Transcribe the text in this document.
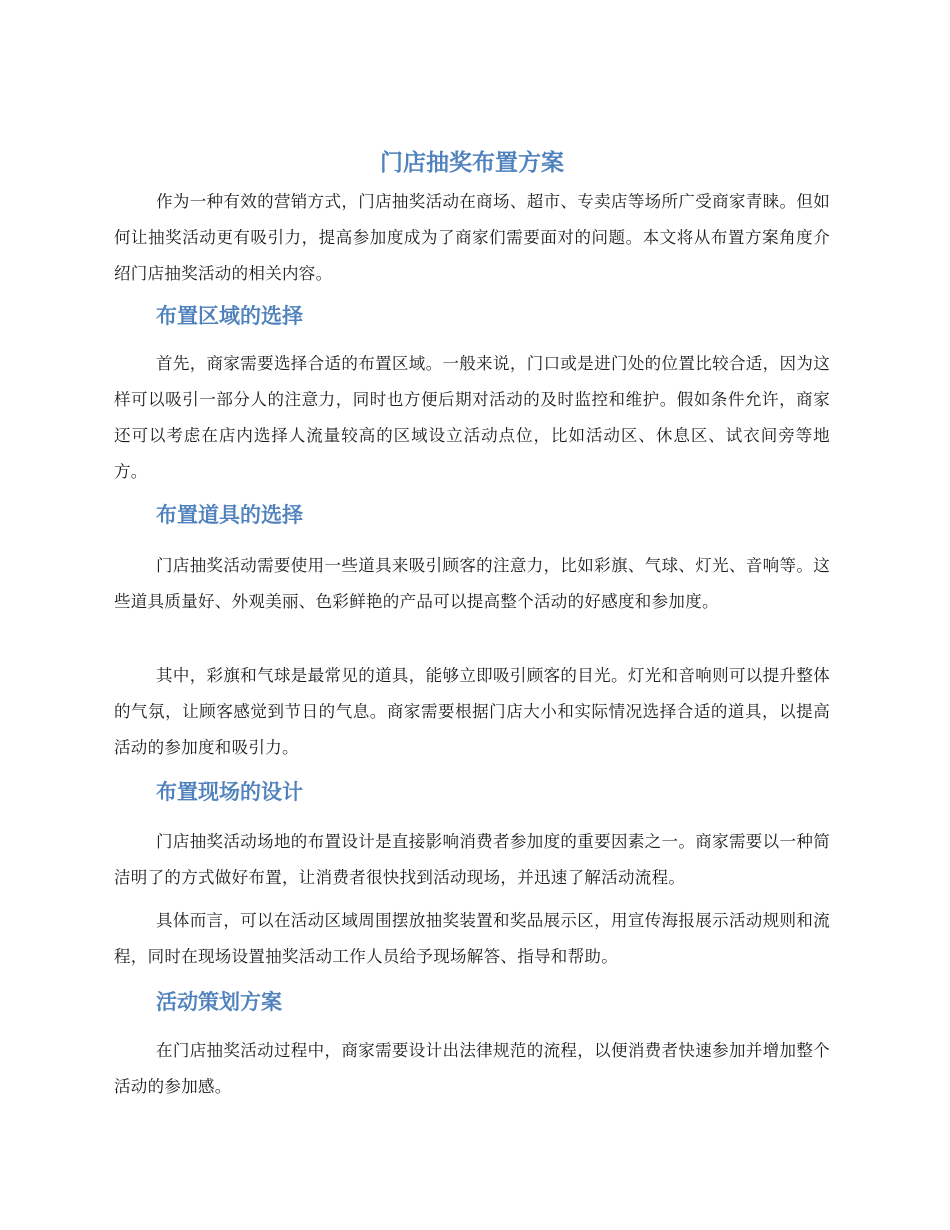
门店抽奖布置方案

作为一种有效的营销方式，门店抽奖活动在商场、超市、专卖店等场所广受商家青睐。但如何让抽奖活动更有吸引力，提高参加度成为了商家们需要面对的问题。本文将从布置方案角度介绍门店抽奖活动的相关内容。

布置区域的选择

首先，商家需要选择合适的布置区域。一般来说，门口或是进门处的位置比较合适，因为这样可以吸引一部分人的注意力，同时也方便后期对活动的及时监控和维护。假如条件允许，商家还可以考虑在店内选择人流量较高的区域设立活动点位，比如活动区、休息区、试衣间旁等地方。

布置道具的选择

门店抽奖活动需要使用一些道具来吸引顾客的注意力，比如彩旗、气球、灯光、音响等。这些道具质量好、外观美丽、色彩鲜艳的产品可以提高整个活动的好感度和参加度。

其中，彩旗和气球是最常见的道具，能够立即吸引顾客的目光。灯光和音响则可以提升整体的气氛，让顾客感觉到节日的气息。商家需要根据门店大小和实际情况选择合适的道具，以提高活动的参加度和吸引力。

布置现场的设计

门店抽奖活动场地的布置设计是直接影响消费者参加度的重要因素之一。商家需要以一种简洁明了的方式做好布置，让消费者很快找到活动现场，并迅速了解活动流程。

具体而言，可以在活动区域周围摆放抽奖装置和奖品展示区，用宣传海报展示活动规则和流程，同时在现场设置抽奖活动工作人员给予现场解答、指导和帮助。

活动策划方案

在门店抽奖活动过程中，商家需要设计出法律规范的流程，以便消费者快速参加并增加整个活动的参加感。
